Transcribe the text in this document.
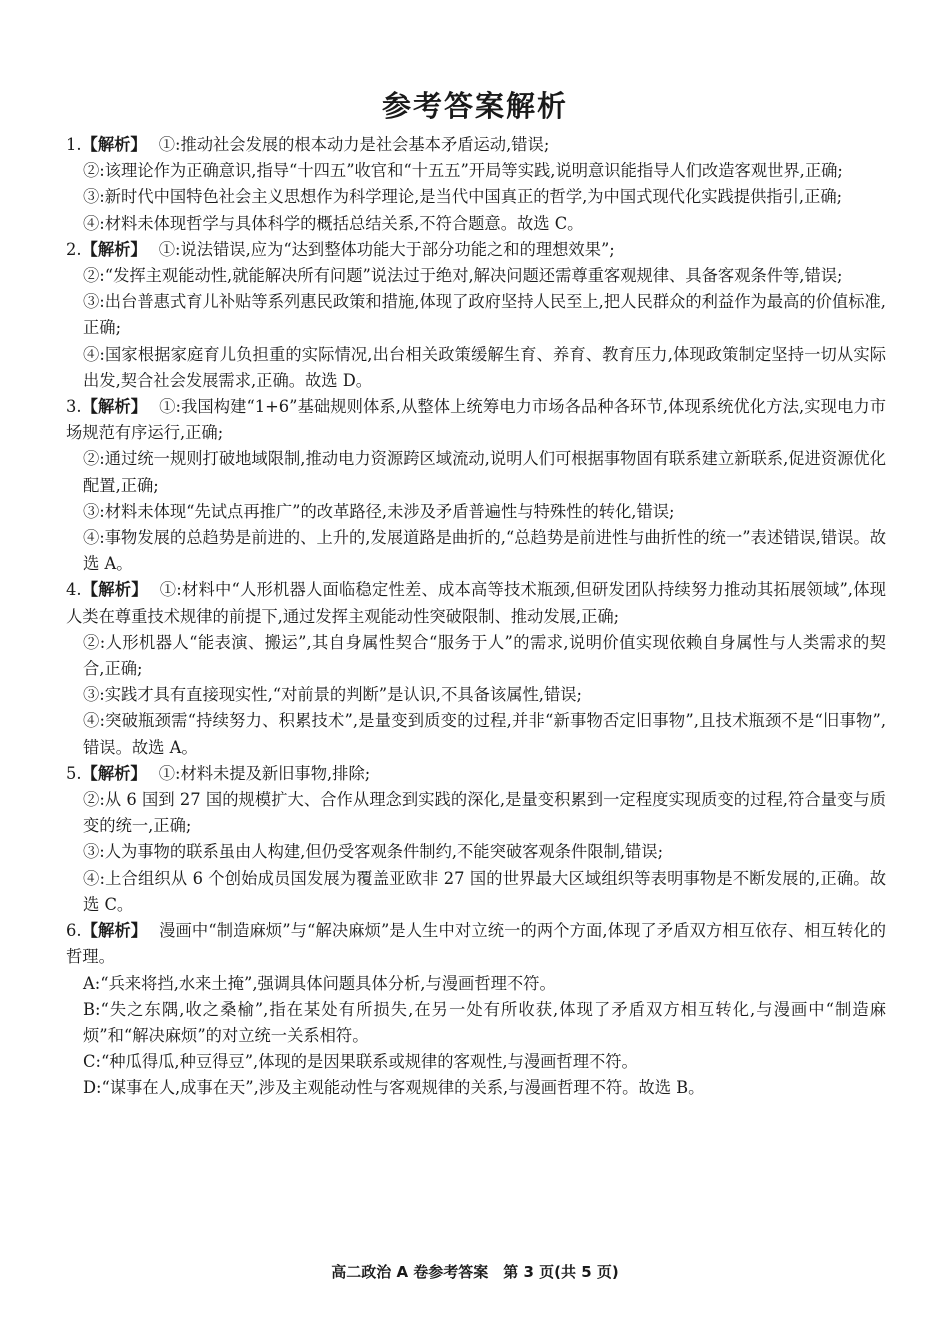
参考答案解析

1.【解析】 ①:推动社会发展的根本动力是社会基本矛盾运动,错误;

②:该理论作为正确意识,指导“十四五”收官和“十五五”开局等实践,说明意识能指导人们改造客观世界,正确;

③:新时代中国特色社会主义思想作为科学理论,是当代中国真正的哲学,为中国式现代化实践提供指引,正确;

④:材料未体现哲学与具体科学的概括总结关系,不符合题意。故选 C。

2.【解析】 ①:说法错误,应为“达到整体功能大于部分功能之和的理想效果”;

②:“发挥主观能动性,就能解决所有问题”说法过于绝对,解决问题还需尊重客观规律、具备客观条件等,错误;

③:出台普惠式育儿补贴等系列惠民政策和措施,体现了政府坚持人民至上,把人民群众的利益作为最高的价值标准,正确;

④:国家根据家庭育儿负担重的实际情况,出台相关政策缓解生育、养育、教育压力,体现政策制定坚持一切从实际出发,契合社会发展需求,正确。故选 D。

3.【解析】 ①:我国构建“1+6”基础规则体系,从整体上统筹电力市场各品种各环节,体现系统优化方法,实现电力市场规范有序运行,正确;

②:通过统一规则打破地域限制,推动电力资源跨区域流动,说明人们可根据事物固有联系建立新联系,促进资源优化配置,正确;

③:材料未体现“先试点再推广”的改革路径,未涉及矛盾普遍性与特殊性的转化,错误;

④:事物发展的总趋势是前进的、上升的,发展道路是曲折的,“总趋势是前进性与曲折性的统一”表述错误,错误。故选 A。

4.【解析】 ①:材料中“人形机器人面临稳定性差、成本高等技术瓶颈,但研发团队持续努力推动其拓展领域”,体现人类在尊重技术规律的前提下,通过发挥主观能动性突破限制、推动发展,正确;

②:人形机器人“能表演、搬运”,其自身属性契合“服务于人”的需求,说明价值实现依赖自身属性与人类需求的契合,正确;

③:实践才具有直接现实性,“对前景的判断”是认识,不具备该属性,错误;

④:突破瓶颈需“持续努力、积累技术”,是量变到质变的过程,并非“新事物否定旧事物”,且技术瓶颈不是“旧事物”,错误。故选 A。

5.【解析】 ①:材料未提及新旧事物,排除;

②:从 6 国到 27 国的规模扩大、合作从理念到实践的深化,是量变积累到一定程度实现质变的过程,符合量变与质变的统一,正确;

③:人为事物的联系虽由人构建,但仍受客观条件制约,不能突破客观条件限制,错误;

④:上合组织从 6 个创始成员国发展为覆盖亚欧非 27 国的世界最大区域组织等表明事物是不断发展的,正确。故选 C。

6.【解析】 漫画中“制造麻烦”与“解决麻烦”是人生中对立统一的两个方面,体现了矛盾双方相互依存、相互转化的哲理。

A:“兵来将挡,水来土掩”,强调具体问题具体分析,与漫画哲理不符。

B:“失之东隅,收之桑榆”,指在某处有所损失,在另一处有所收获,体现了矛盾双方相互转化,与漫画中“制造麻烦”和“解决麻烦”的对立统一关系相符。

C:“种瓜得瓜,种豆得豆”,体现的是因果联系或规律的客观性,与漫画哲理不符。

D:“谋事在人,成事在天”,涉及主观能动性与客观规律的关系,与漫画哲理不符。故选 B。

高二政治 A 卷参考答案　第 3 页(共 5 页)
